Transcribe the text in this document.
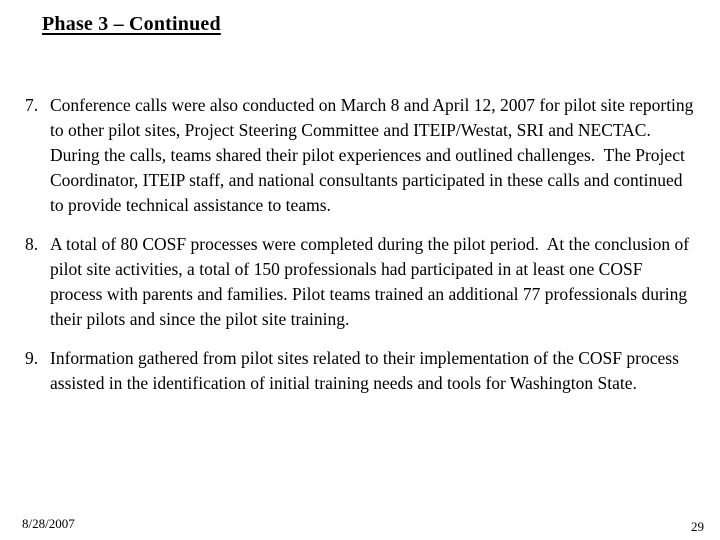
Phase 3 – Continued
7. Conference calls were also conducted on March 8 and April 12, 2007 for pilot site reporting to other pilot sites, Project Steering Committee and ITEIP/Westat, SRI and NECTAC.  During the calls, teams shared their pilot experiences and outlined challenges.  The Project Coordinator, ITEIP staff, and national consultants participated in these calls and continued to provide technical assistance to teams.
8. A total of 80 COSF processes were completed during the pilot period.  At the conclusion of pilot site activities, a total of 150 professionals had participated in at least one COSF process with parents and families. Pilot teams trained an additional 77 professionals during their pilots and since the pilot site training.
9. Information gathered from pilot sites related to their implementation of the COSF process assisted in the identification of initial training needs and tools for Washington State.
8/28/2007	29
